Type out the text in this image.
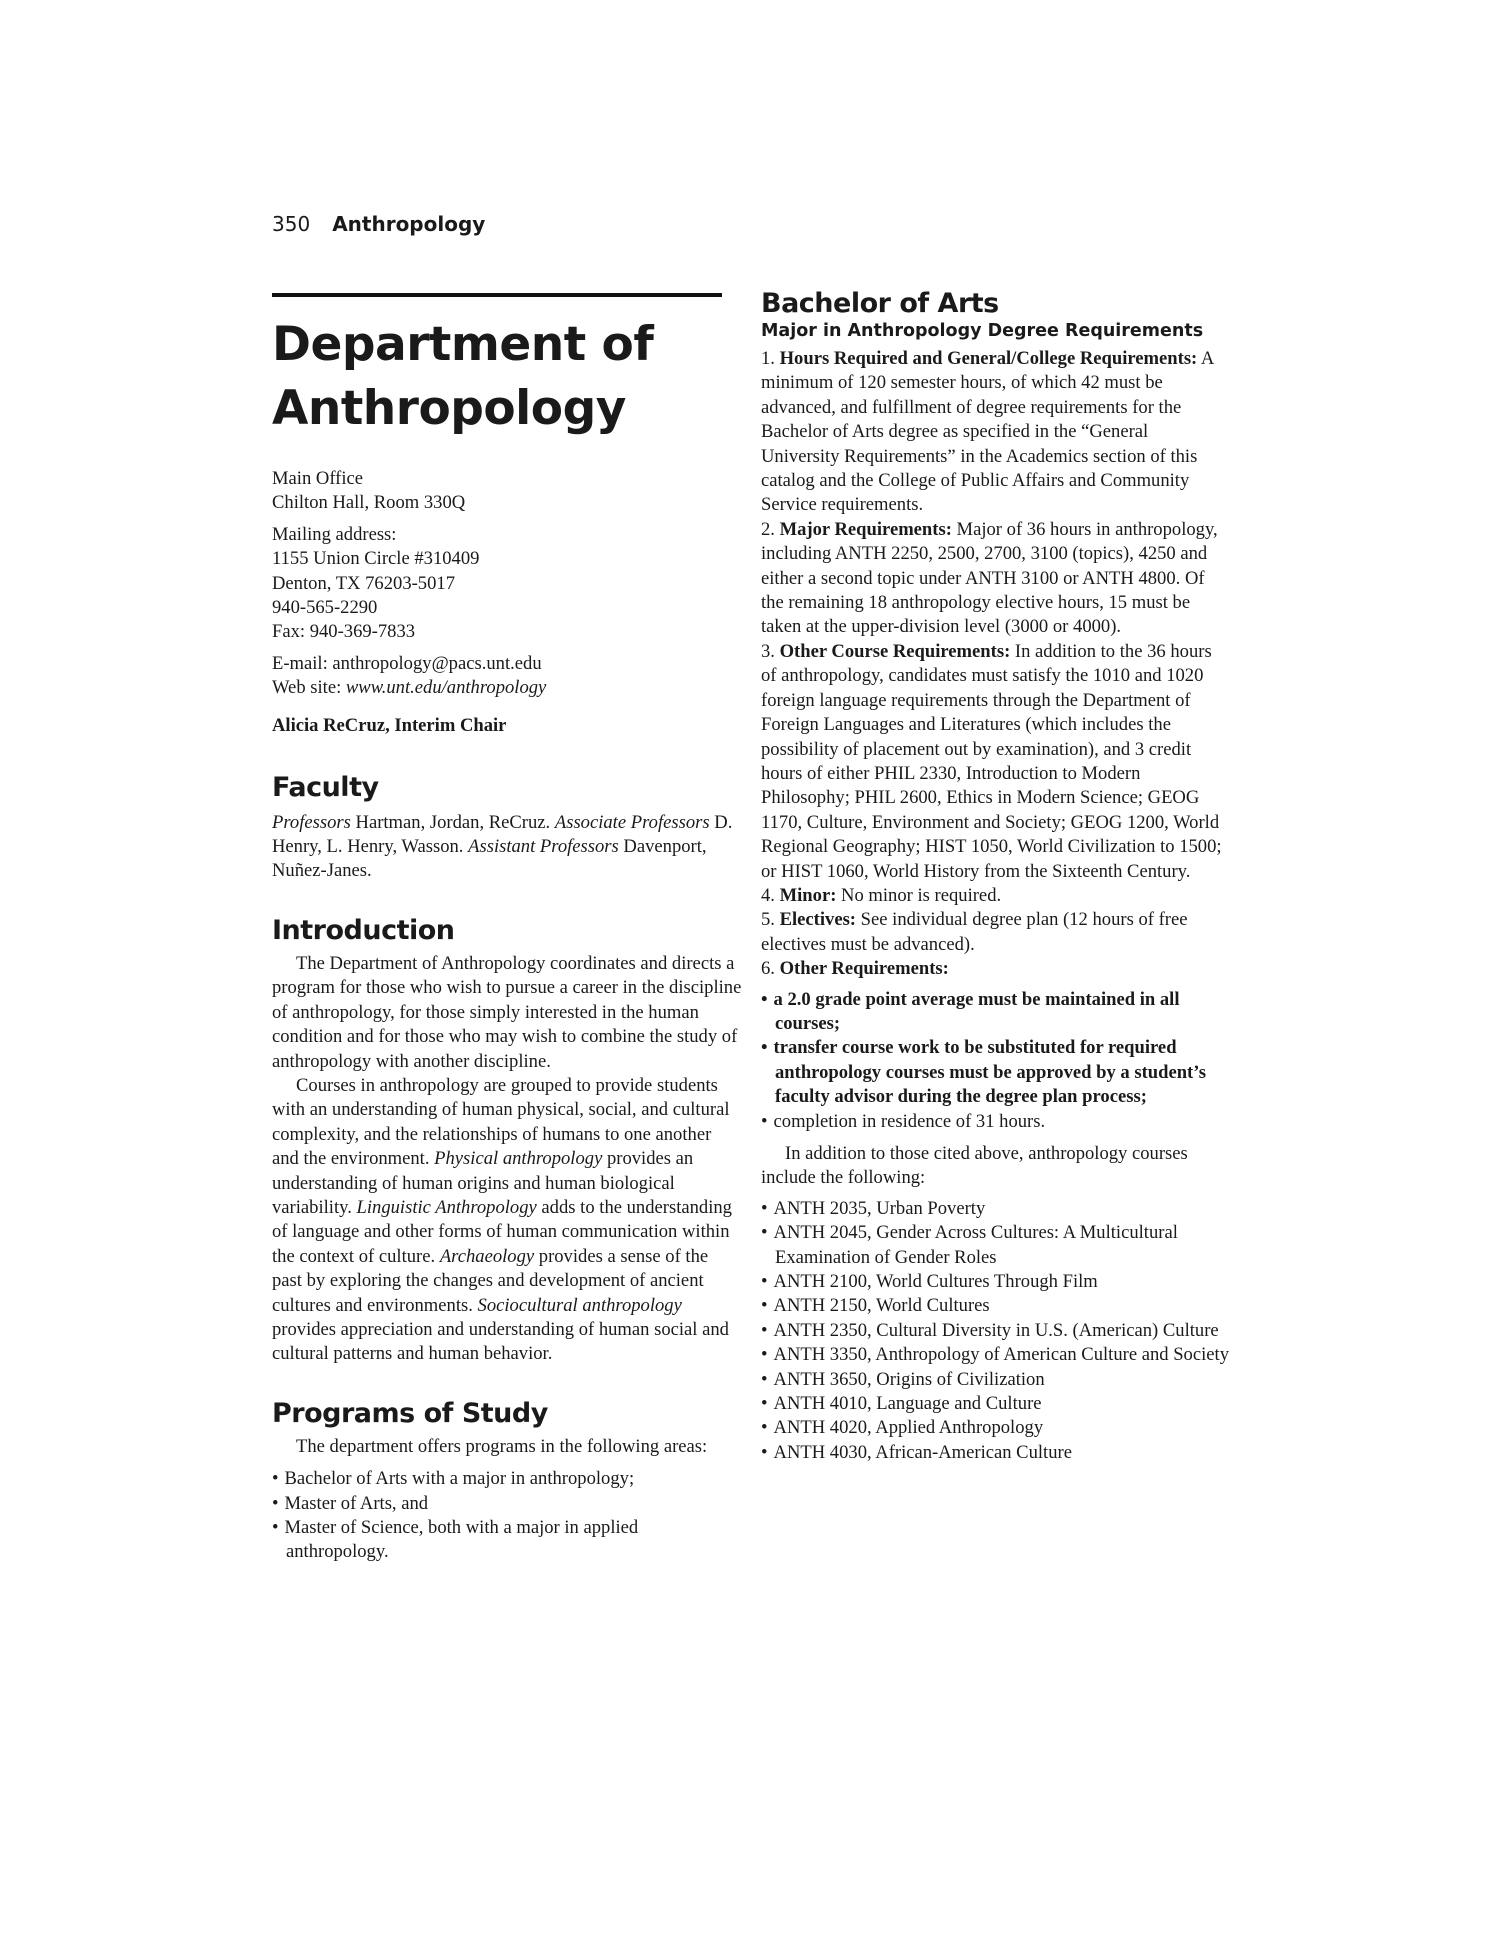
350 Anthropology
Department of
Anthropology

Main Office

Chilton Hall, Room 330Q

Mailing address:

1155 Union Circle #310409

Denton, TX 76203-5017

940-565-2290

Fax: 940-369-7833

E-mail: anthropology@pacs.unt.edu

Web site: www.unt.edu/anthropology

Alicia ReCruz, Interim Chair
Faculty
Professors Hartman, Jordan, ReCruz. Associate Professors D. Henry, L. Henry, Wasson. Assistant Professors Davenport, Nuñez-Janes.
Introduction

The Department of Anthropology coordinates and directs a program for those who wish to pursue a career in the discipline of anthropology, for those simply interested in the human condition and for those who may wish to combine the study of anthropology with another discipline.

Courses in anthropology are grouped to provide students with an understanding of human physical, social, and cultural complexity, and the relationships of humans to one another and the environment. Physical anthropology provides an understanding of human origins and human biological variability. Linguistic Anthropology adds to the understanding of language and other forms of human communication within the context of culture. Archaeology provides a sense of the past by exploring the changes and development of ancient cultures and environments. Sociocultural anthropology provides appreciation and understanding of human social and cultural patterns and human behavior.

Programs of Study

The department offers programs in the following areas:

• Bachelor of Arts with a major in anthropology;
• Master of Arts, and
• Master of Science, both with a major in applied anthropology.
Bachelor of Arts
Major in Anthropology Degree Requirements

1. Hours Required and General/College Requirements: A minimum of 120 semester hours, of which 42 must be advanced, and fulfillment of degree requirements for the Bachelor of Arts degree as specified in the “General University Requirements” in the Academics section of this catalog and the College of Public Affairs and Community Service requirements.

2. Major Requirements: Major of 36 hours in anthropology, including ANTH 2250, 2500, 2700, 3100 (topics), 4250 and either a second topic under ANTH 3100 or ANTH 4800. Of the remaining 18 anthropology elective hours, 15 must be taken at the upper-division level (3000 or 4000).

3. Other Course Requirements: In addition to the 36 hours of anthropology, candidates must satisfy the 1010 and 1020 foreign language requirements through the Department of Foreign Languages and Literatures (which includes the possibility of placement out by examination), and 3 credit hours of either PHIL 2330, Introduction to Modern Philosophy; PHIL 2600, Ethics in Modern Science; GEOG 1170, Culture, Environment and Society; GEOG 1200, World Regional Geography; HIST 1050, World Civilization to 1500; or HIST 1060, World History from the Sixteenth Century.

4. Minor: No minor is required.

5. Electives: See individual degree plan (12 hours of free electives must be advanced).

6. Other Requirements:

• a 2.0 grade point average must be maintained in all courses;
• transfer course work to be substituted for required anthropology courses must be approved by a student’s faculty advisor during the degree plan process;
• completion in residence of 31 hours.

In addition to those cited above, anthropology courses include the following:

• ANTH 2035, Urban Poverty
• ANTH 2045, Gender Across Cultures: A Multicultural Examination of Gender Roles
• ANTH 2100, World Cultures Through Film
• ANTH 2150, World Cultures
• ANTH 2350, Cultural Diversity in U.S. (American) Culture
• ANTH 3350, Anthropology of American Culture and Society
• ANTH 3650, Origins of Civilization
• ANTH 4010, Language and Culture
• ANTH 4020, Applied Anthropology
• ANTH 4030, African-American Culture
